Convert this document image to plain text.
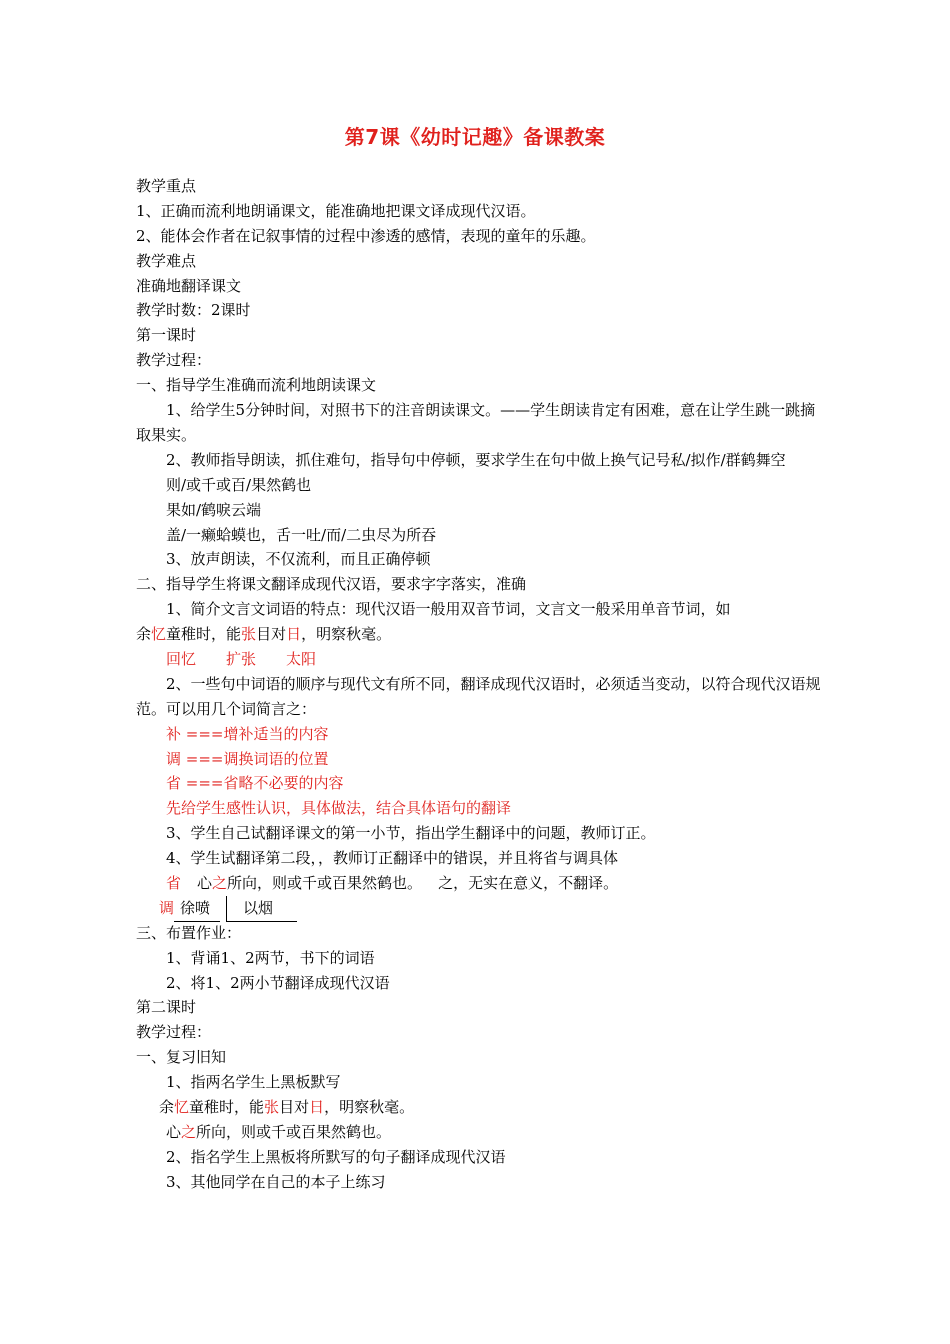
第7课《幼时记趣》备课教案
教学重点
1、正确而流利地朗诵课文，能准确地把课文译成现代汉语。
2、能体会作者在记叙事情的过程中渗透的感情，表现的童年的乐趣。
教学难点
准确地翻译课文
教学时数：2课时
第一课时
教学过程：
一、指导学生准确而流利地朗读课文
1、给学生5分钟时间，对照书下的注音朗读课文。——学生朗读肯定有困难，意在让学生跳一跳摘取果实。
2、教师指导朗读，抓住难句，指导句中停顿，要求学生在句中做上换气记号私/拟作/群鹤舞空
则/或千或百/果然鹤也
果如/鹤唳云端
盖/一癞蛤蟆也，舌一吐/而/二虫尽为所吞
3、放声朗读，不仅流利，而且正确停顿
二、指导学生将课文翻译成现代汉语，要求字字落实，准确
1、简介文言文词语的特点：现代汉语一般用双音节词，文言文一般采用单音节词，如
余忆童稚时，能张目对日，明察秋毫。
回忆 扩张 太阳
2、一些句中词语的顺序与现代文有所不同，翻译成现代汉语时，必须适当变动，以符合现代汉语规范。可以用几个词简言之：
补 ===增补适当的内容
调 ===调换词语的位置
省 ===省略不必要的内容
先给学生感性认识，具体做法，结合具体语句的翻译
3、学生自己试翻译课文的第一小节，指出学生翻译中的问题，教师订正。
4、学生试翻译第二段，，教师订正翻译中的错误，并且将省与调具体
省 心之所向，则或千或百果然鹤也。 之，无实在意义，不翻译。
调 徐喷 以烟
三、布置作业：
1、背诵1、2两节，书下的词语
2、将1、2两小节翻译成现代汉语
第二课时
教学过程：
一、复习旧知
1、指两名学生上黑板默写
余忆童稚时，能张目对日，明察秋毫。
心之所向，则或千或百果然鹤也。
2、指名学生上黑板将所默写的句子翻译成现代汉语
3、其他同学在自己的本子上练习
